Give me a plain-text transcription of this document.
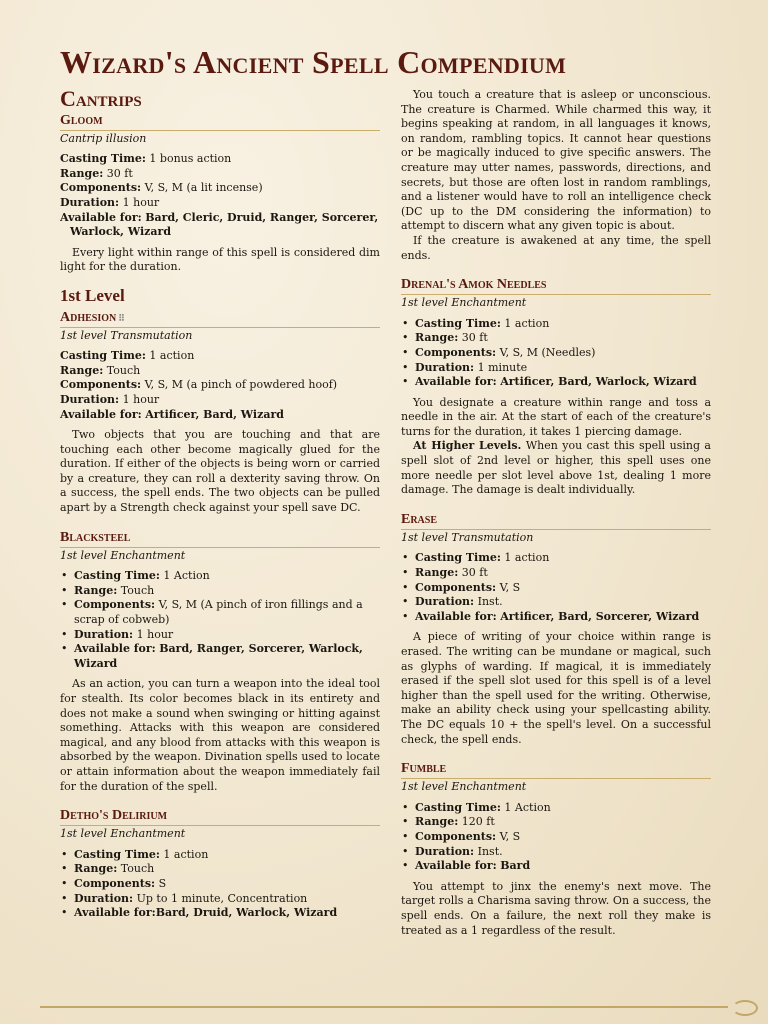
Wizard's Ancient Spell Compendium
Cantrips
Gloom
Cantrip illusion
Casting Time: 1 bonus action
Range: 30 ft
Components: V, S, M (a lit incense)
Duration: 1 hour
Available for: Bard, Cleric, Druid, Ranger, Sorcerer,
Warlock, Wizard

Every light within range of this spell is considered dim light for the duration.

1st Level
Adhesion ⠿
1st level Transmutation
Casting Time: 1 action
Range: Touch
Components: V, S, M (a pinch of powdered hoof)
Duration: 1 hour
Available for: Artificer, Bard, Wizard

Two objects that you are touching and that are touching each other become magically glued for the duration. If either of the objects is being worn or carried by a creature, they can roll a dexterity saving throw. On a success, the spell ends. The two objects can be pulled apart by a Strength check against your spell save DC.

Blacksteel
1st level Enchantment
• Casting Time: 1 Action
• Range: Touch
• Components: V, S, M (A pinch of iron fillings and a scrap of cobweb)
• Duration: 1 hour
• Available for: Bard, Ranger, Sorcerer, Warlock, Wizard

As an action, you can turn a weapon into the ideal tool for stealth. Its color becomes black in its entirety and does not make a sound when swinging or hitting against something. Attacks with this weapon are considered magical, and any blood from attacks with this weapon is absorbed by the weapon. Divination spells used to locate or attain information about the weapon immediately fail for the duration of the spell.

Detho's Delirium
1st level Enchantment
• Casting Time: 1 action
• Range: Touch
• Components: S
• Duration: Up to 1 minute, Concentration
• Available for:Bard, Druid, Warlock, Wizard

You touch a creature that is asleep or unconscious. The creature is Charmed. While charmed this way, it begins speaking at random, in all languages it knows, on random, rambling topics. It cannot hear questions or be magically induced to give specific answers. The creature may utter names, passwords, directions, and secrets, but those are often lost in random ramblings, and a listener would have to roll an intelligence check (DC up to the DM considering the information) to attempt to discern what any given topic is about.

If the creature is awakened at any time, the spell ends.

Drenal's Amok Needles
1st level Enchantment
• Casting Time: 1 action
• Range: 30 ft
• Components: V, S, M (Needles)
• Duration: 1 minute
• Available for: Artificer, Bard, Warlock, Wizard

You designate a creature within range and toss a needle in the air. At the start of each of the creature's turns for the duration, it takes 1 piercing damage.

At Higher Levels. When you cast this spell using a spell slot of 2nd level or higher, this spell uses one more needle per slot level above 1st, dealing 1 more damage. The damage is dealt individually.

Erase
1st level Transmutation
• Casting Time: 1 action
• Range: 30 ft
• Components: V, S
• Duration: Inst.
• Available for: Artificer, Bard, Sorcerer, Wizard

A piece of writing of your choice within range is erased. The writing can be mundane or magical, such as glyphs of warding. If magical, it is immediately erased if the spell slot used for this spell is of a level higher than the spell used for the writing. Otherwise, make an ability check using your spellcasting ability. The DC equals 10 + the spell's level. On a successful check, the spell ends.

Fumble
1st level Enchantment
• Casting Time: 1 Action
• Range: 120 ft
• Components: V, S
• Duration: Inst.
• Available for: Bard

You attempt to jinx the enemy's next move. The target rolls a Charisma saving throw. On a success, the spell ends. On a failure, the next roll they make is treated as a 1 regardless of the result.
